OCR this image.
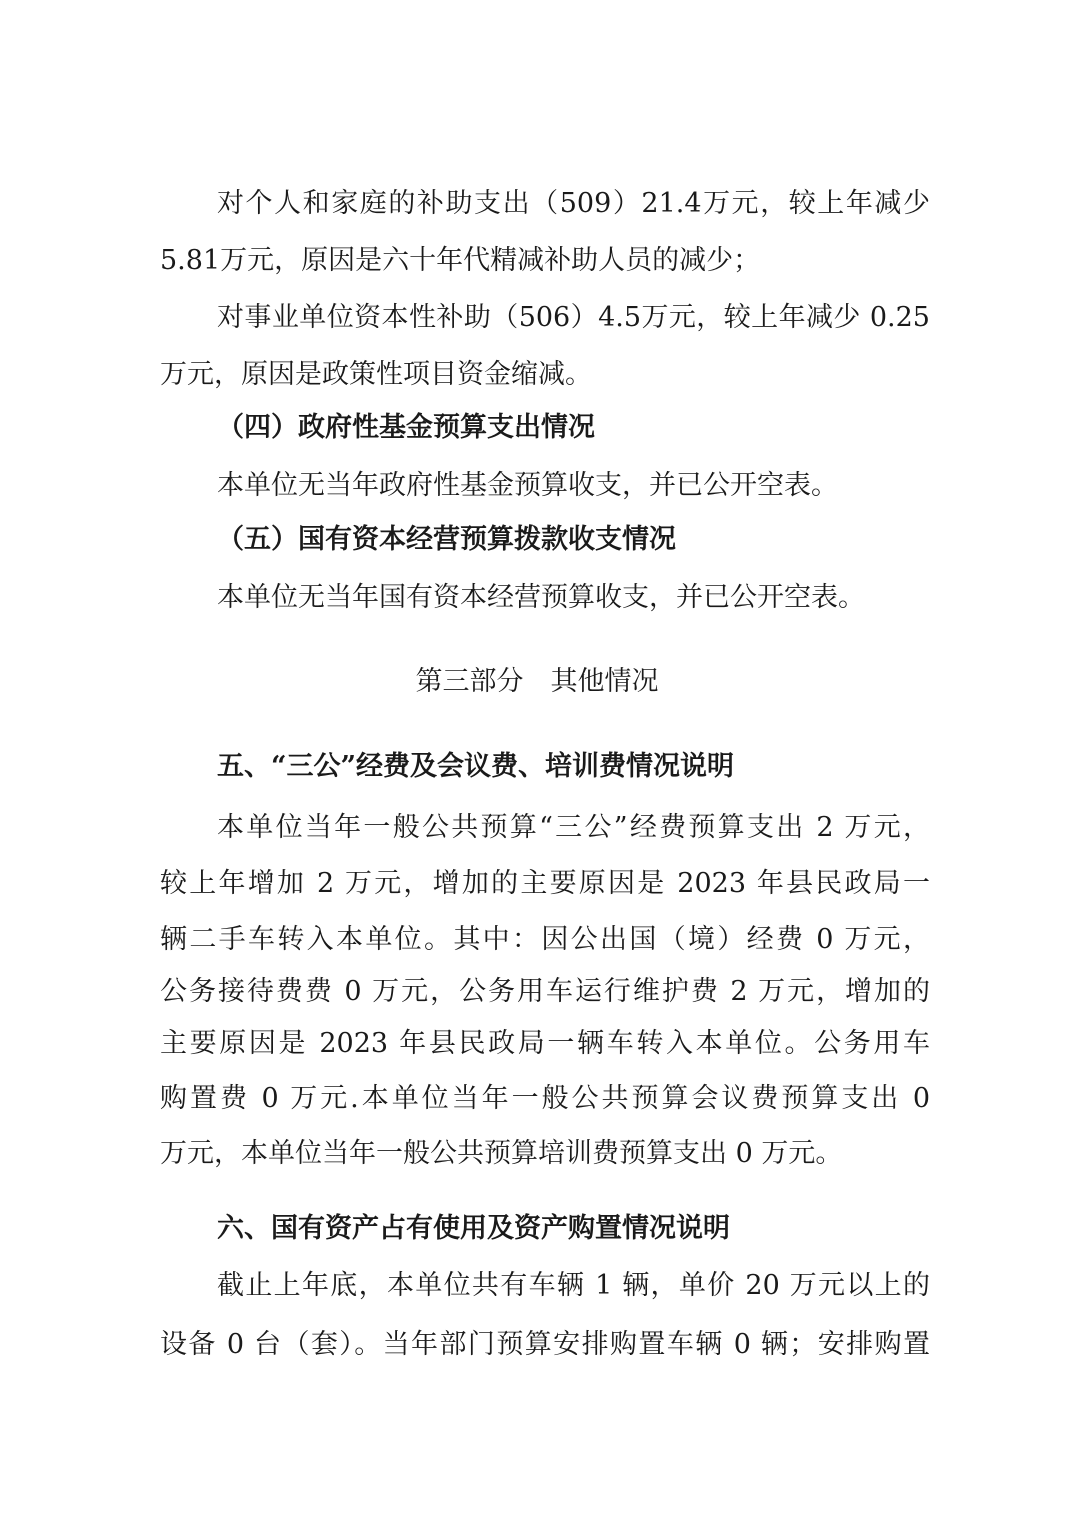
对个人和家庭的补助支出（509）21.4万元，较上年减少
5.81万元，原因是六十年代精减补助人员的减少；
对事业单位资本性补助（506）4.5万元，较上年减少 0.25
万元，原因是政策性项目资金缩减。
（四）政府性基金预算支出情况
本单位无当年政府性基金预算收支，并已公开空表。
（五）国有资本经营预算拨款收支情况
本单位无当年国有资本经营预算收支，并已公开空表。
第三部分　其他情况
五、“三公”经费及会议费、培训费情况说明
本单位当年一般公共预算“三公”经费预算支出 2 万元，
较上年增加 2 万元，增加的主要原因是 2023 年县民政局一
辆二手车转入本单位。其中：因公出国（境）经费 0 万元，
公务接待费费 0 万元，公务用车运行维护费 2 万元，增加的
主要原因是 2023 年县民政局一辆车转入本单位。公务用车
购置费 0 万元.本单位当年一般公共预算会议费预算支出 0
万元，本单位当年一般公共预算培训费预算支出 0 万元。
六、国有资产占有使用及资产购置情况说明
截止上年底，本单位共有车辆 1 辆，单价 20 万元以上的
设备 0 台（套）。当年部门预算安排购置车辆 0 辆；安排购置
